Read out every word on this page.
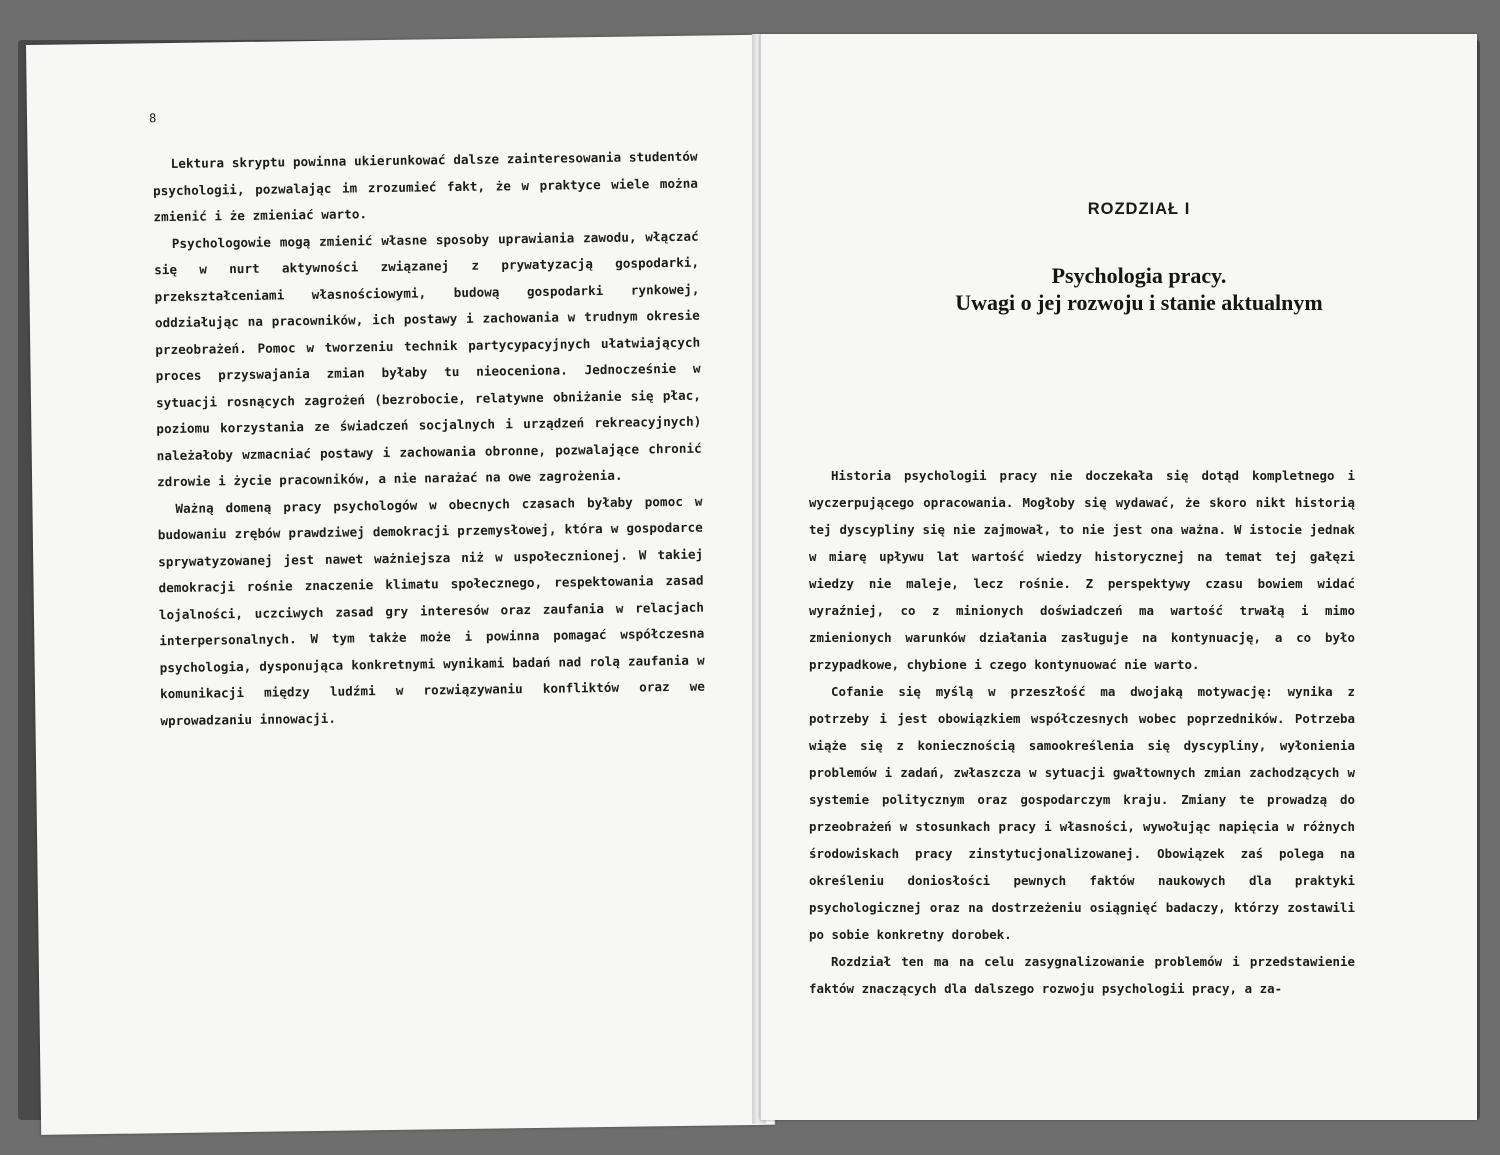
8

Lektura skryptu powinna ukierunkować dalsze zainteresowania studentów psychologii, pozwalając im zrozumieć fakt, że w praktyce wiele można zmienić i że zmieniać warto.

Psychologowie mogą zmienić własne sposoby uprawiania zawodu, włączać się w nurt aktywności związanej z prywatyzacją gospodarki, przekształceniami własnościowymi, budową gospodarki rynkowej, oddziałując na pracowników, ich postawy i zachowania w trudnym okresie przeobrażeń. Pomoc w tworzeniu technik partycypacyjnych ułatwiających proces przyswajania zmian byłaby tu nieoceniona. Jednocześnie w sytuacji rosnących zagrożeń (bezrobocie, relatywne obniżanie się płac, poziomu korzystania ze świadczeń socjalnych i urządzeń rekreacyjnych) należałoby wzmacniać postawy i zachowania obronne, pozwalające chronić zdrowie i życie pracowników, a nie narażać na owe zagrożenia.

Ważną domeną pracy psychologów w obecnych czasach byłaby pomoc w budowaniu zrębów prawdziwej demokracji przemysłowej, która w gospodarce sprywatyzowanej jest nawet ważniejsza niż w uspołecznionej. W takiej demokracji rośnie znaczenie klimatu społecznego, respektowania zasad lojalności, uczciwych zasad gry interesów oraz zaufania w relacjach interpersonalnych. W tym także może i powinna pomagać współczesna psychologia, dysponująca konkretnymi wynikami badań nad rolą zaufania w komunikacji między ludźmi w rozwiązywaniu konfliktów oraz we wprowadzaniu innowacji.

ROZDZIAŁ I
Psychologia pracy.
Uwagi o jej rozwoju i stanie aktualnym

Historia psychologii pracy nie doczekała się dotąd kompletnego i wyczerpującego opracowania. Mogłoby się wydawać, że skoro nikt historią tej dyscypliny się nie zajmował, to nie jest ona ważna. W istocie jednak w miarę upływu lat wartość wiedzy historycznej na temat tej gałęzi wiedzy nie maleje, lecz rośnie. Z perspektywy czasu bowiem widać wyraźniej, co z minionych doświadczeń ma wartość trwałą i mimo zmienionych warunków działania zasługuje na kontynuację, a co było przypadkowe, chybione i czego kontynuować nie warto.

Cofanie się myślą w przeszłość ma dwojaką motywację: wynika z potrzeby i jest obowiązkiem współczesnych wobec poprzedników. Potrzeba wiąże się z koniecznością samookreślenia się dyscypliny, wyłonienia problemów i zadań, zwłaszcza w sytuacji gwałtownych zmian zachodzących w systemie politycznym oraz gospodarczym kraju. Zmiany te prowadzą do przeobrażeń w stosunkach pracy i własności, wywołując napięcia w różnych środowiskach pracy zinstytucjonalizowanej. Obowiązek zaś polega na określeniu doniosłości pewnych faktów naukowych dla praktyki psychologicznej oraz na dostrzeżeniu osiągnięć badaczy, którzy zostawili po sobie konkretny dorobek.

Rozdział ten ma na celu zasygnalizowanie problemów i przedstawienie faktów znaczących dla dalszego rozwoju psychologii pracy, a za-
